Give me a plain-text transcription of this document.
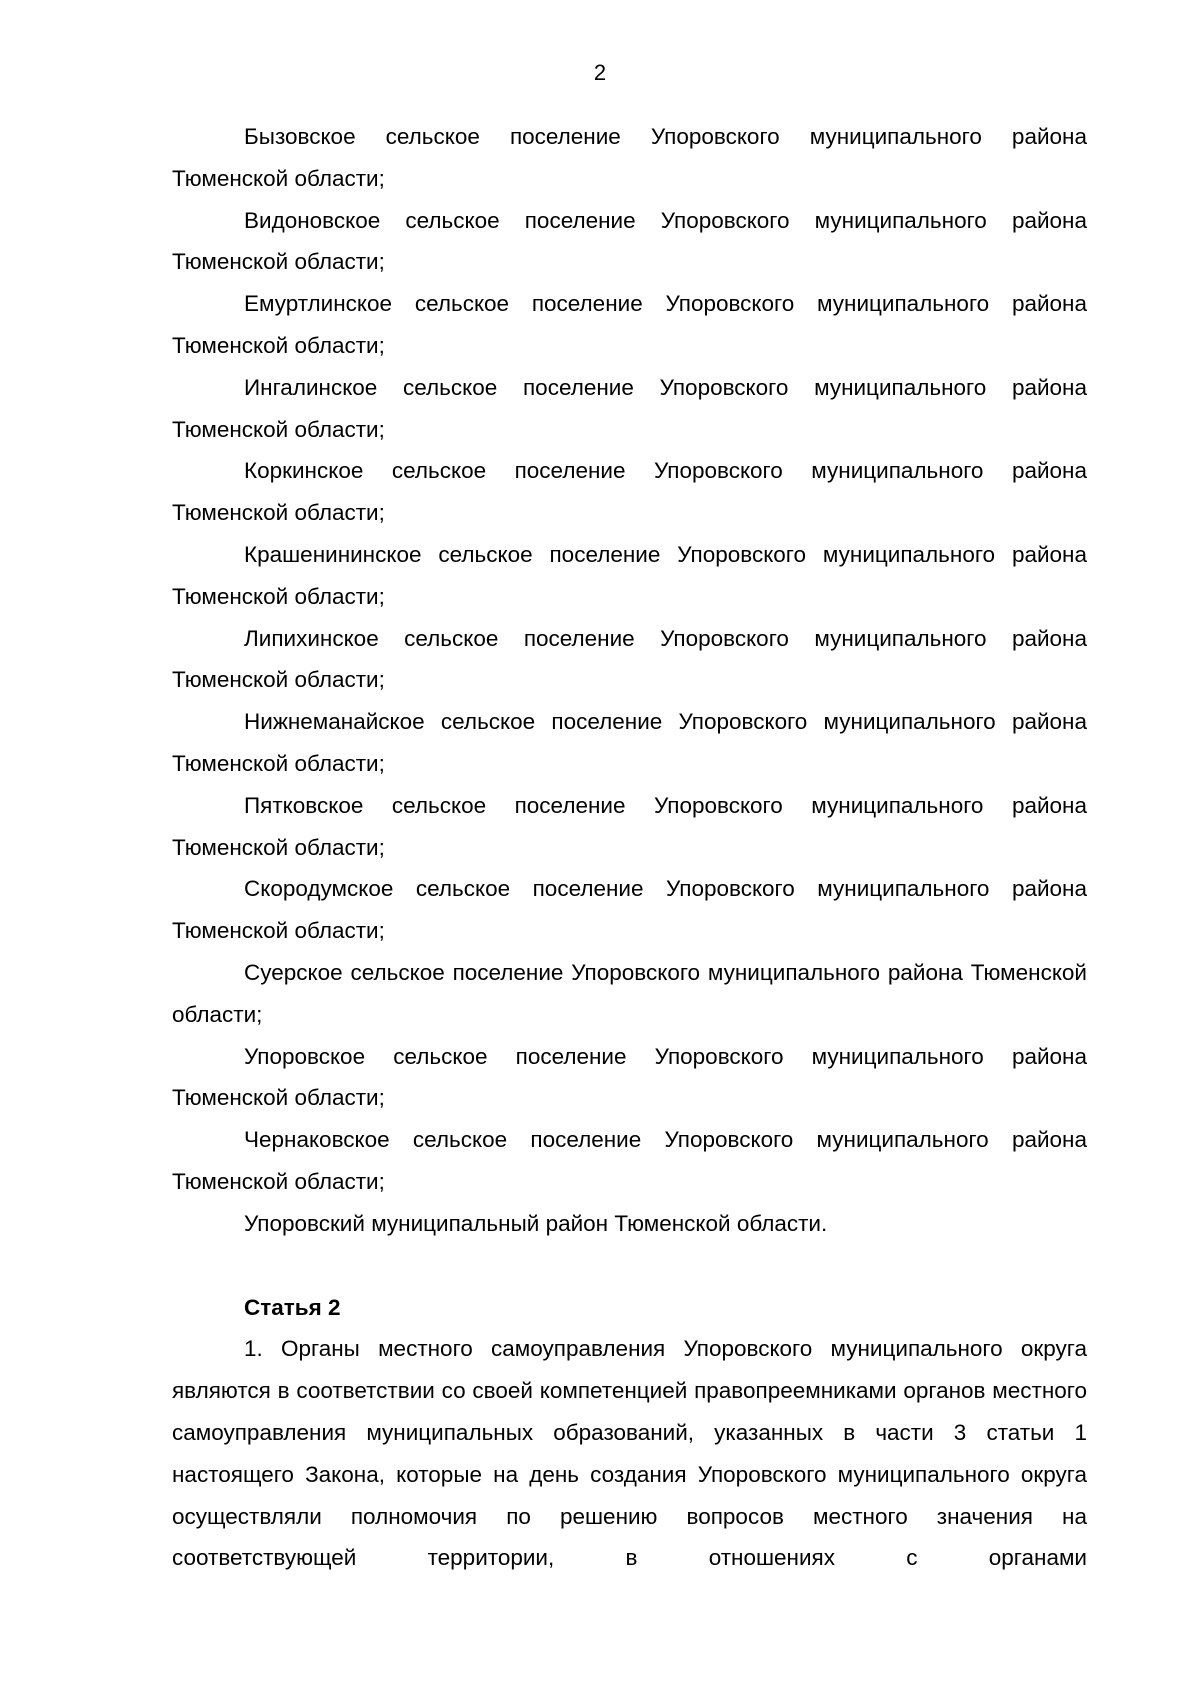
2

Бызовское сельское поселение Упоровского муниципального района Тюменской области;

Видоновское сельское поселение Упоровского муниципального района Тюменской области;

Емуртлинское сельское поселение Упоровского муниципального района Тюменской области;

Ингалинское сельское поселение Упоровского муниципального района Тюменской области;

Коркинское сельское поселение Упоровского муниципального района Тюменской области;

Крашенининское сельское поселение Упоровского муниципального района Тюменской области;

Липихинское сельское поселение Упоровского муниципального района Тюменской области;

Нижнеманайское сельское поселение Упоровского муниципального района Тюменской области;

Пятковское сельское поселение Упоровского муниципального района Тюменской области;

Скородумское сельское поселение Упоровского муниципального района Тюменской области;

Суерское сельское поселение Упоровского муниципального района Тюменской области;

Упоровское сельское поселение Упоровского муниципального района Тюменской области;

Чернаковское сельское поселение Упоровского муниципального района Тюменской области;

Упоровский муниципальный район Тюменской области.

Статья 2

1. Органы местного самоуправления Упоровского муниципального округа являются в соответствии со своей компетенцией правопреемниками органов местного самоуправления муниципальных образований, указанных в части 3 статьи 1 настоящего Закона, которые на день создания Упоровского муниципального округа осуществляли полномочия по решению вопросов местного значения на соответствующей территории, в отношениях с органами
